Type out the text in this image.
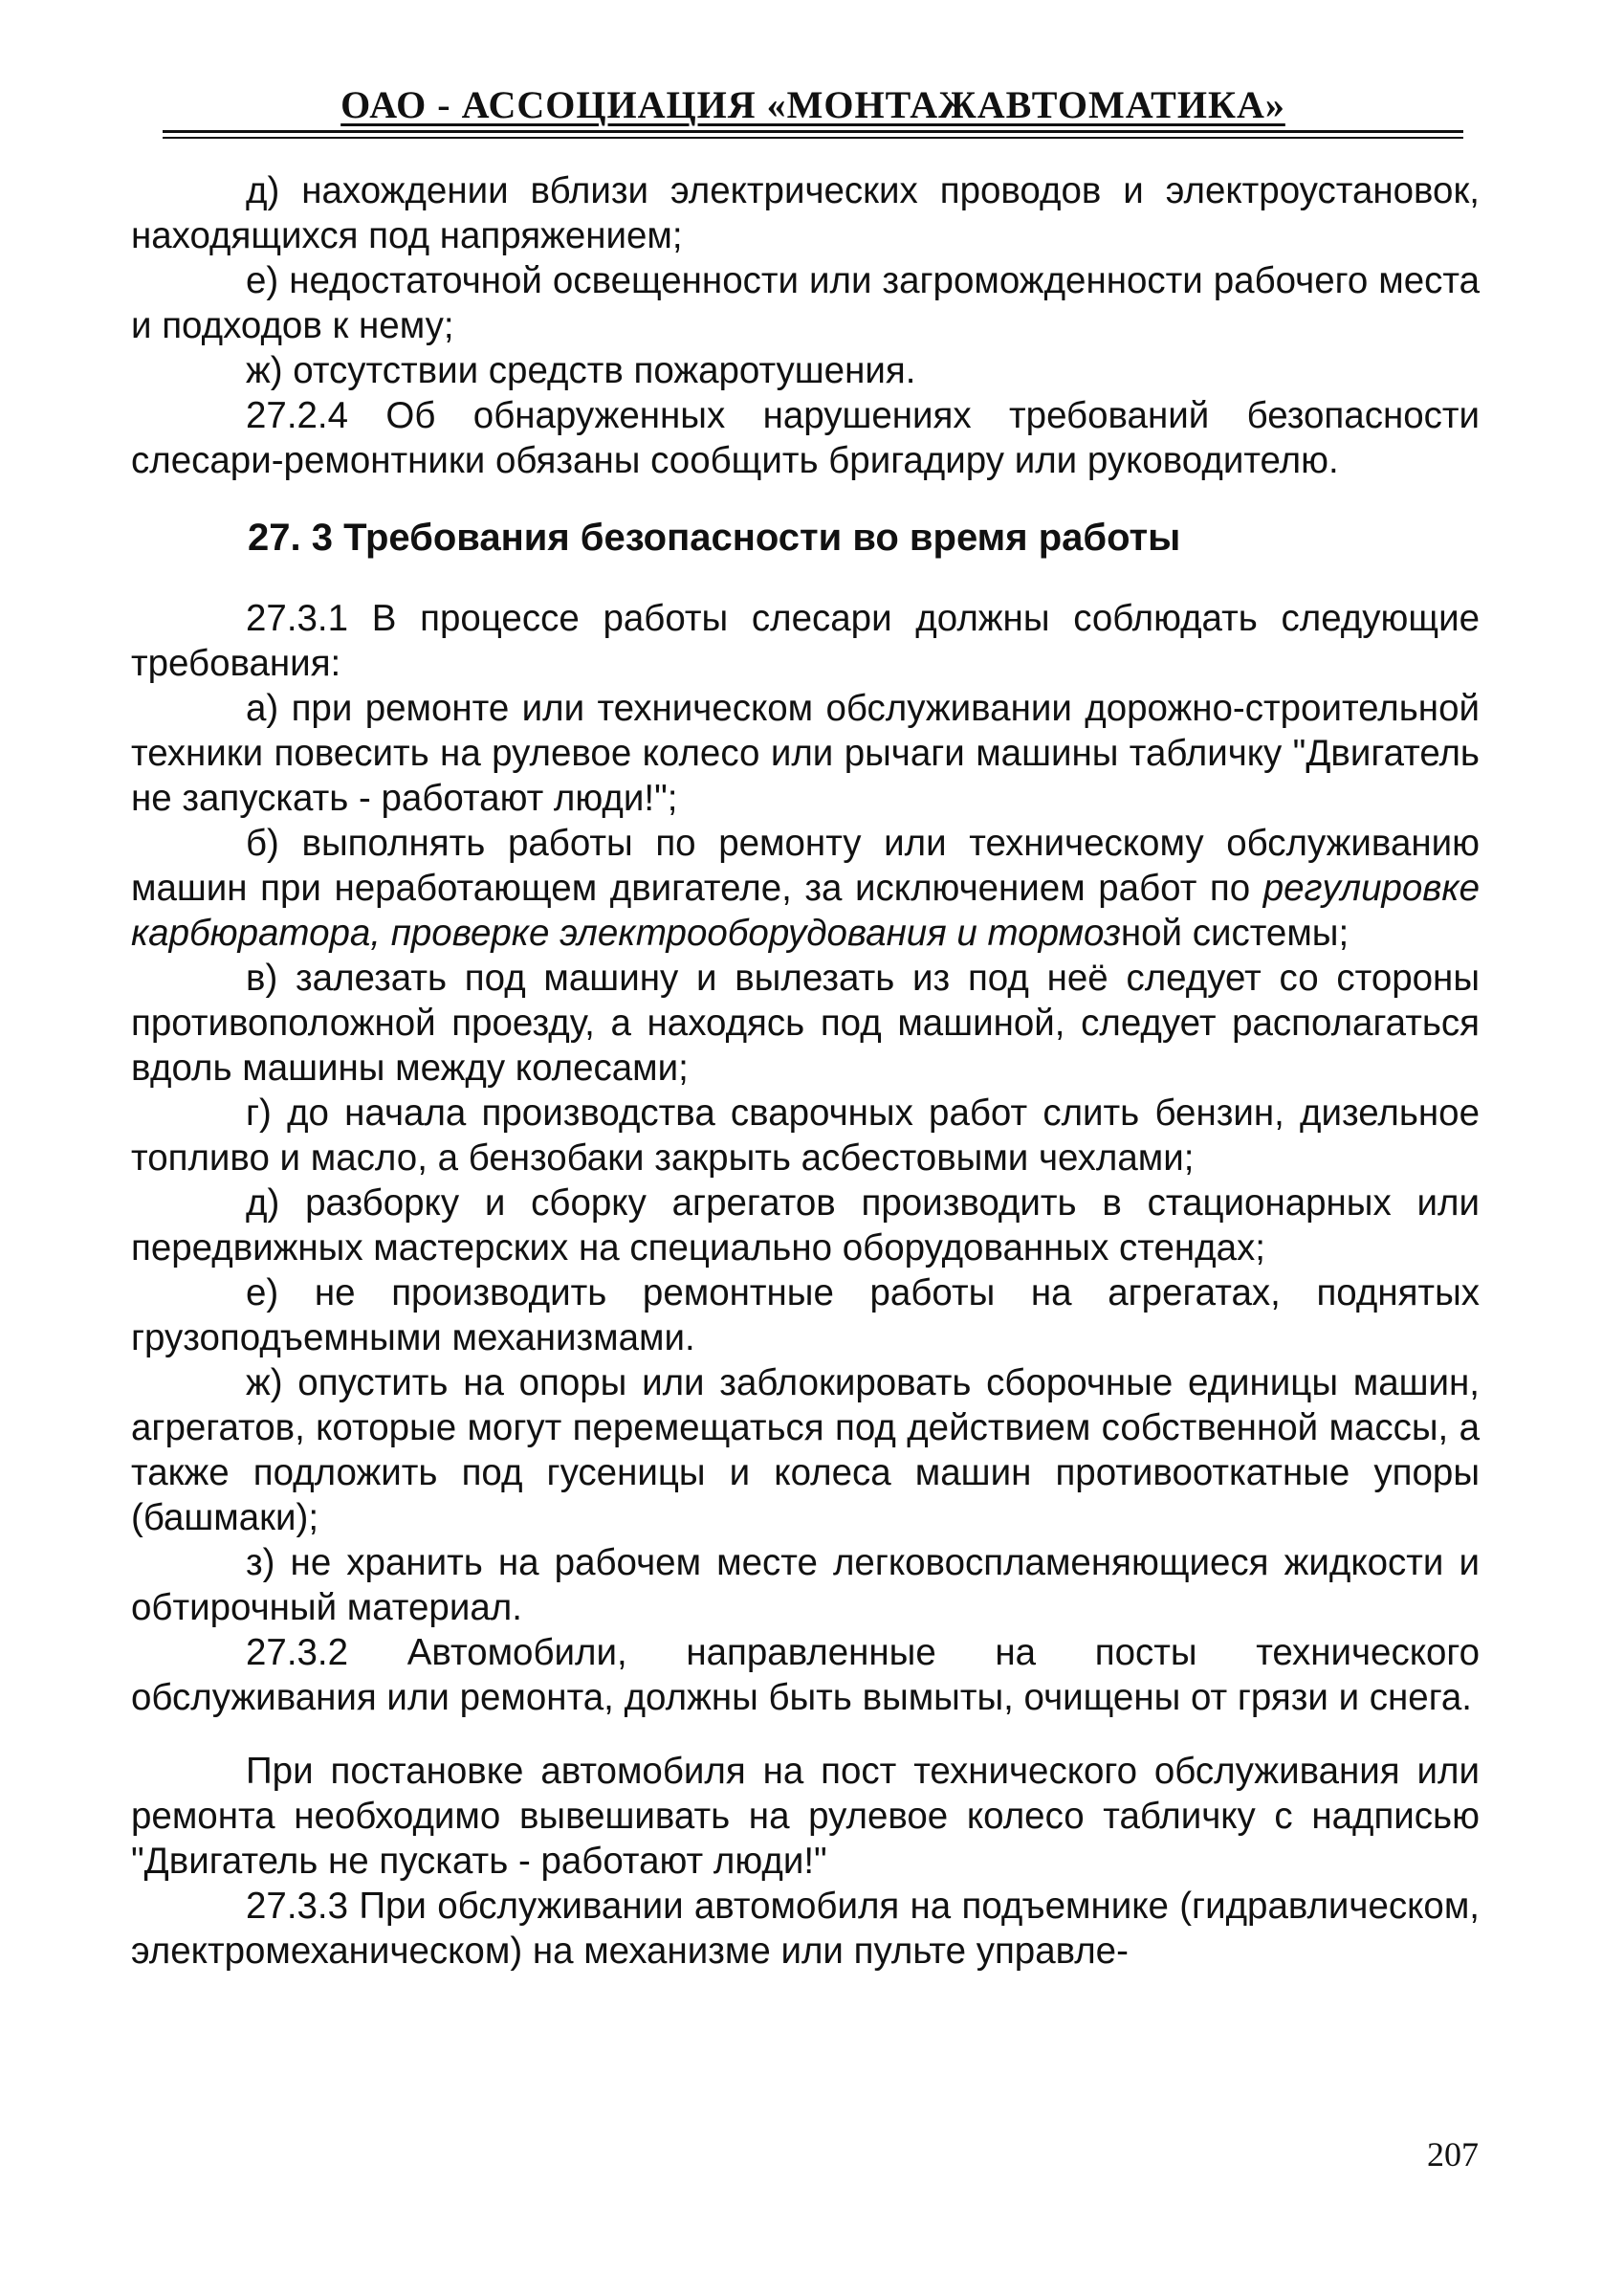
ОАО - АССОЦИАЦИЯ «МОНТАЖАВТОМАТИКА»

д) нахождении вблизи электрических проводов и электроустановок, находящихся под напряжением;

е) недостаточной освещенности или загроможденности рабочего места и подходов к нему;

ж) отсутствии средств пожаротушения.

27.2.4 Об обнаруженных нарушениях требований безопасности слесари-ремонтники обязаны сообщить бригадиру или руководителю.

27. 3 Требования безопасности во время работы

27.3.1 В процессе работы слесари должны соблюдать следующие требования:

а) при ремонте или техническом обслуживании дорожно-строительной техники повесить на рулевое колесо или рычаги машины табличку "Двигатель не запускать - работают люди!";

б) выполнять работы по ремонту или техническому обслуживанию машин при неработающем двигателе, за исключением работ по регулировке карбюратора, проверке электрооборудования и тормозной системы;

в) залезать под машину и вылезать из под неё следует со стороны противоположной проезду, а находясь под машиной, следует располагаться вдоль машины между колесами;

г) до начала производства сварочных работ слить бензин, дизельное топливо и масло, а бензобаки закрыть асбестовыми чехлами;

д) разборку и сборку агрегатов производить в стационарных или передвижных мастерских на специально оборудованных стендах;

е) не производить ремонтные работы на агрегатах, поднятых грузоподъемными механизмами.

ж) опустить на опоры или заблокировать сборочные единицы машин, агрегатов, которые могут перемещаться под действием собственной массы, а также подложить под гусеницы и колеса машин противооткатные упоры (башмаки);

з) не хранить на рабочем месте легковоспламеняющиеся жидкости и обтирочный материал.

27.3.2 Автомобили, направленные на посты технического обслуживания или ремонта, должны быть вымыты, очищены от грязи и снега.

При постановке автомобиля на пост технического обслуживания или ремонта необходимо вывешивать на рулевое колесо табличку с надписью "Двигатель не пускать - работают люди!"

27.3.3 При обслуживании автомобиля на подъемнике (гидравлическом, электромеханическом) на механизме или пульте управле-

207
